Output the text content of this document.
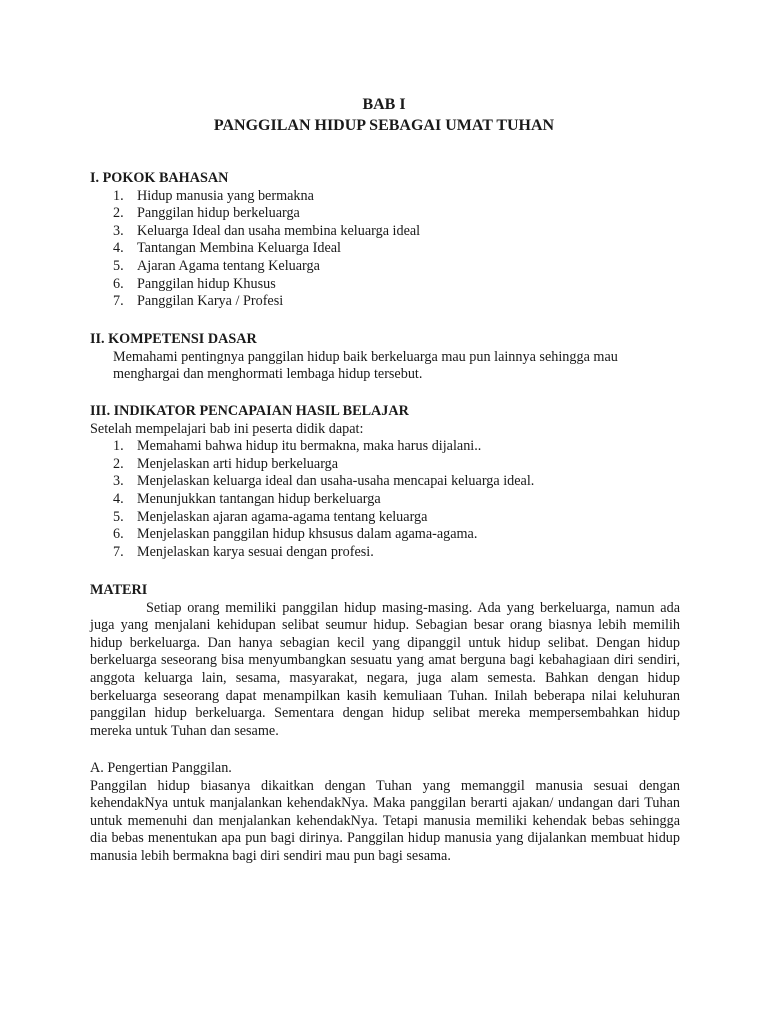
BAB I
PANGGILAN HIDUP SEBAGAI UMAT TUHAN
I. POKOK BAHASAN
1. Hidup manusia yang bermakna
2. Panggilan hidup berkeluarga
3. Keluarga Ideal dan usaha membina keluarga ideal
4. Tantangan Membina Keluarga Ideal
5. Ajaran Agama tentang Keluarga
6. Panggilan hidup Khusus
7. Panggilan Karya / Profesi
II. KOMPETENSI DASAR
Memahami pentingnya panggilan hidup baik berkeluarga mau pun lainnya sehingga mau menghargai dan menghormati lembaga hidup tersebut.
III. INDIKATOR PENCAPAIAN HASIL BELAJAR
Setelah mempelajari bab ini peserta didik dapat:
1. Memahami bahwa hidup itu bermakna, maka harus dijalani..
2. Menjelaskan arti hidup berkeluarga
3. Menjelaskan keluarga ideal dan usaha-usaha mencapai keluarga ideal.
4. Menunjukkan tantangan hidup berkeluarga
5. Menjelaskan ajaran agama-agama tentang keluarga
6. Menjelaskan panggilan hidup khsusus dalam agama-agama.
7. Menjelaskan karya sesuai dengan profesi.
MATERI
Setiap orang memiliki panggilan hidup masing-masing. Ada yang berkeluarga, namun ada juga yang menjalani kehidupan selibat seumur hidup. Sebagian besar orang biasnya lebih memilih hidup berkeluarga. Dan hanya sebagian kecil yang dipanggil untuk hidup selibat. Dengan hidup berkeluarga seseorang bisa menyumbangkan sesuatu yang amat berguna bagi kebahagiaan diri sendiri, anggota keluarga lain, sesama, masyarakat, negara, juga alam semesta. Bahkan dengan hidup berkeluarga seseorang dapat menampilkan kasih kemuliaan Tuhan. Inilah beberapa nilai keluhuran panggilan hidup berkeluarga. Sementara dengan hidup selibat mereka mempersembahkan hidup mereka untuk Tuhan dan sesame.
A. Pengertian Panggilan.
Panggilan hidup biasanya dikaitkan dengan Tuhan yang memanggil manusia sesuai dengan kehendakNya untuk manjalankan kehendakNya. Maka panggilan berarti ajakan/ undangan dari Tuhan untuk memenuhi dan menjalankan kehendakNya. Tetapi manusia memiliki kehendak bebas sehingga dia bebas menentukan apa pun bagi dirinya. Panggilan hidup manusia yang dijalankan membuat hidup manusia lebih bermakna bagi diri sendiri mau pun bagi sesama.
